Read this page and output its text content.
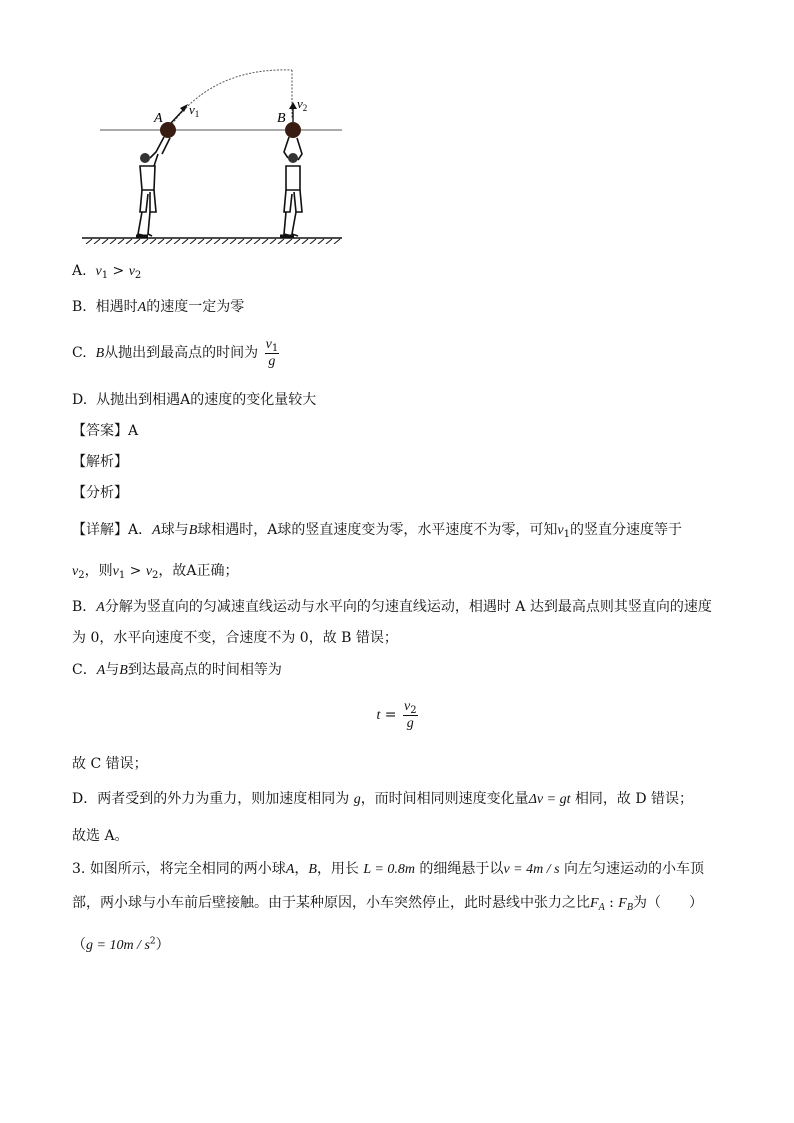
A	B
$v_1$
$v_2$
A. $v_1 > v_2$
B. 相遇时A的速度一定为零
C. B从抛出到最高点的时间为 $\frac{v_1}{g}$
D. 从抛出到相遇A的速度的变化量较大
【答案】A
【解析】
【分析】
【详解】A．A球与B球相遇时，A球的竖直速度变为零，水平速度不为零，可知$v_1$的竖直分速度等于
$v_2$，则$v_1 > v_2$，故A正确；
B．A分解为竖直向的匀减速直线运动与水平向的匀速直线运动，相遇时 A 达到最高点则其竖直向的速度
为 0，水平向速度不变，合速度不为 0，故 B 错误；
C．A与B到达最高点的时间相等为
$t = \frac{v_2}{g}$
故 C 错误；
D．两者受到的外力为重力，则加速度相同为 g，而时间相同则速度变化量Δv = gt 相同，故 D 错误；
故选 A。
3. 如图所示，将完全相同的两小球A，B，用长 L = 0.8m 的细绳悬于以v = 4m / s 向左匀速运动的小车顶
部，两小球与小车前后壁接触。由于某种原因，小车突然停止，此时悬线中张力之比$F_A$ : $F_B$为（　　）
$(g = 10m / s^2)$
